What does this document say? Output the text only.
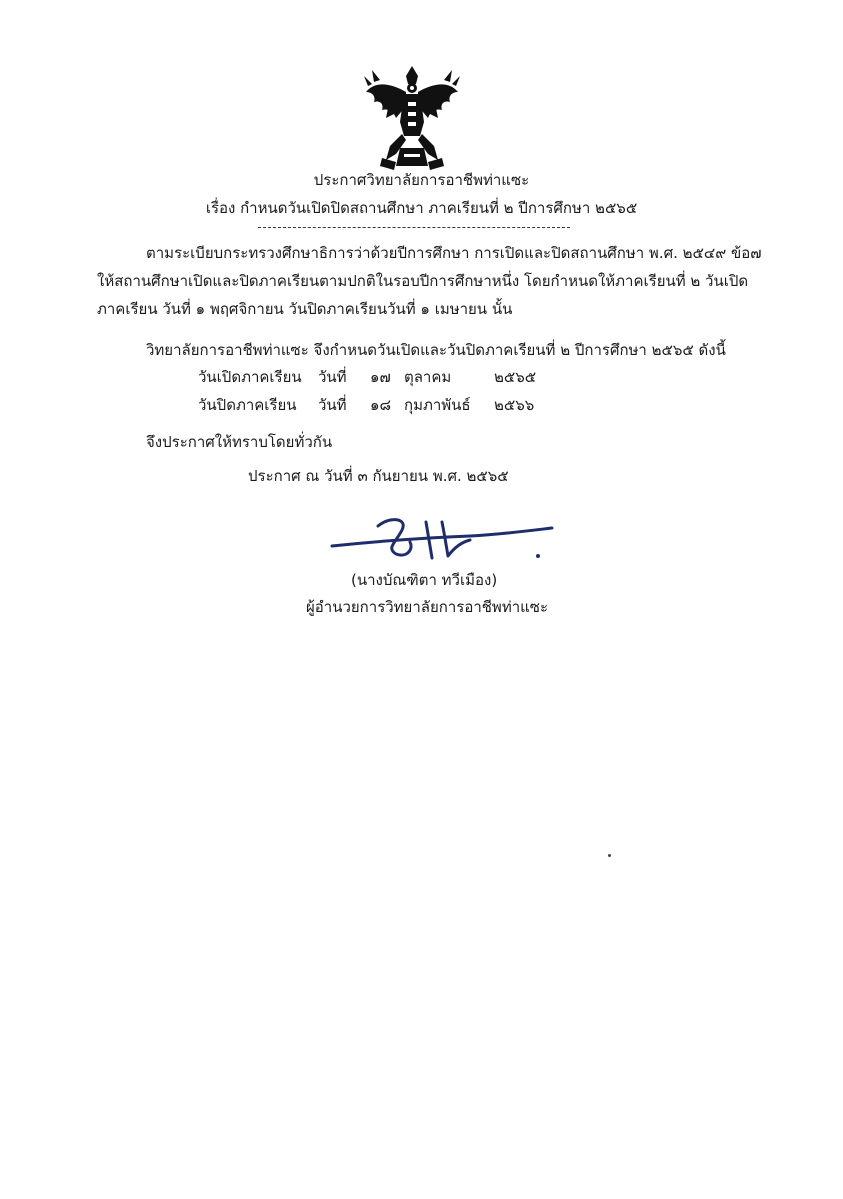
ประกาศวิทยาลัยการอาชีพท่าแซะ
เรื่อง กำหนดวันเปิดปิดสถานศึกษา ภาคเรียนที่ ๒ ปีการศึกษา ๒๕๖๕
ตามระเบียบกระทรวงศึกษาธิการว่าด้วยปีการศึกษา การเปิดและปิดสถานศึกษา พ.ศ. ๒๕๔๙ ข้อ๗
ให้สถานศึกษาเปิดและปิดภาคเรียนตามปกติในรอบปีการศึกษาหนึ่ง โดยกำหนดให้ภาคเรียนที่ ๒ วันเปิด
ภาคเรียน วันที่ ๑ พฤศจิกายน วันปิดภาคเรียนวันที่ ๑ เมษายน นั้น
วิทยาลัยการอาชีพท่าแซะ จึงกำหนดวันเปิดและวันปิดภาคเรียนที่ ๒ ปีการศึกษา ๒๕๖๕ ดังนี้
วันเปิดภาคเรียน วันที่ ๑๗ ตุลาคม	๒๕๖๕
วันปิดภาคเรียน วันที่ ๑๘ กุมภาพันธ์ ๒๕๖๖
จึงประกาศให้ทราบโดยทั่วกัน
ประกาศ ณ วันที่ ๓ กันยายน พ.ศ. ๒๕๖๕
(นางบัณฑิตา ทวีเมือง)
ผู้อำนวยการวิทยาลัยการอาชีพท่าแซะ
